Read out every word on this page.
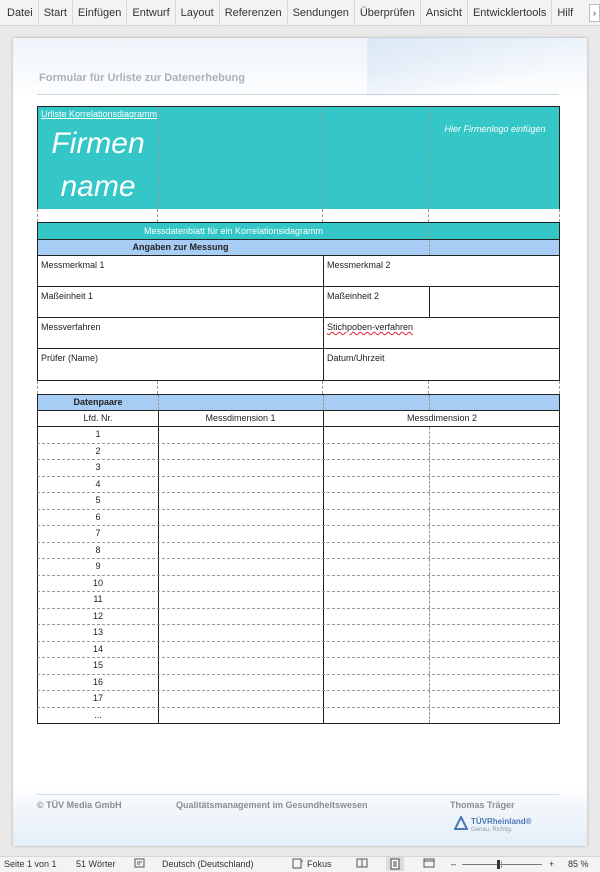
Datei	Start	Einfügen	Entwurf	Layout	Referenzen	Sendungen	Überprüfen	Ansicht	Entwicklertools	Hilf	›
Formular für Urliste zur Datenerhebung
Urliste Korrelationsdiagramm
Firmen
name
Hier Firmenlogo einfügen
Messdatenblatt für ein Korrelationsidagramm
Angaben zur Messung
Messmerkmal 1	Messmerkmal 2
Maßeinheit 1	Maßeinheit 2
Messverfahren	Stichpoben-verfahren
Prüfer (Name)	Datum/Uhrzeit
Datenpaare
Lfd. Nr.	Messdimension 1	Messdimension 2
1
2
3
4
5
6
7
8
9
10
11
12
13
14
15
16
17
...
© TÜV Media GmbH	Qualitätsmanagement im Gesundheitswesen	Thomas Träger
TÜVRheinland®
Genau. Richtig.
Seite 1 von 1 51 Wörter	Deutsch (Deutschland)	Fokus	–	+ 85 %
